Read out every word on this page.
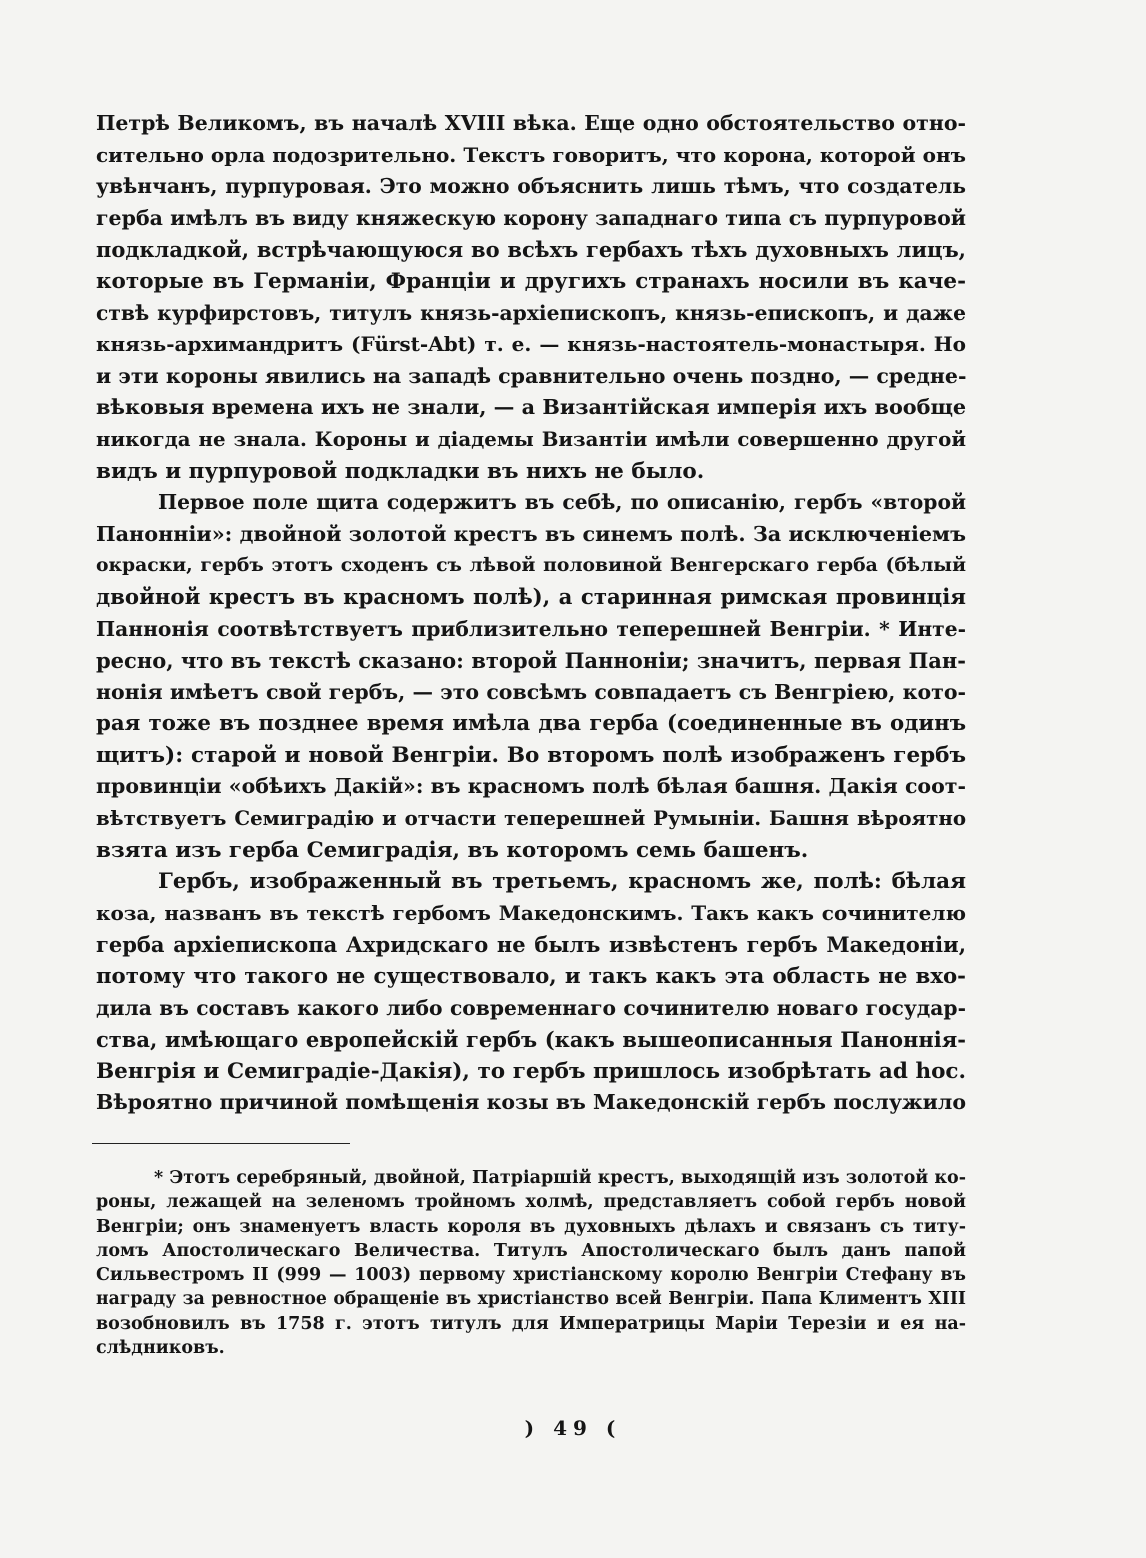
Петрѣ Великомъ, въ началѣ XVIII вѣка. Еще одно обстоятельство отно-
сительно орла подозрительно. Текстъ говоритъ, что корона, которой онъ
увѣнчанъ, пурпуровая. Это можно объяснить лишь тѣмъ, что создатель
герба имѣлъ въ виду княжескую корону западнаго типа съ пурпуровой
подкладкой, встрѣчающуюся во всѣхъ гербахъ тѣхъ духовныхъ лицъ,
которые въ Германіи, Франціи и другихъ странахъ носили въ каче-
ствѣ курфирстовъ, титулъ князь-архіепископъ, князь-епископъ, и даже
князь-архимандритъ (Fürst-Abt) т. е. — князь-настоятель-монастыря. Но
и эти короны явились на западѣ сравнительно очень поздно, — средне-
вѣковыя времена ихъ не знали, — а Византійская имперія ихъ вообще
никогда не знала. Короны и діадемы Византіи имѣли совершенно другой
видъ и пурпуровой подкладки въ нихъ не было.
Первое поле щита содержитъ въ себѣ, по описанію, гербъ «второй
Панонніи»: двойной золотой крестъ въ синемъ полѣ. За исключеніемъ
окраски, гербъ этотъ сходенъ съ лѣвой половиной Венгерскаго герба (бѣлый
двойной крестъ въ красномъ полѣ), а старинная римская провинція
Паннонія соотвѣтствуетъ приблизительно теперешней Венгріи. * Инте-
ресно, что въ текстѣ сказано: второй Панноніи; значитъ, первая Пан-
нонія имѣетъ свой гербъ, — это совсѣмъ совпадаетъ съ Венгріею, кото-
рая тоже въ позднее время имѣла два герба (соединенные въ одинъ
щитъ): старой и новой Венгріи. Во второмъ полѣ изображенъ гербъ
провинціи «обѣихъ Дакій»: въ красномъ полѣ бѣлая башня. Дакія соот-
вѣтствуетъ Семиградію и отчасти теперешней Румыніи. Башня вѣроятно
взята изъ герба Семиградія, въ которомъ семь башенъ.
Гербъ, изображенный въ третьемъ, красномъ же, полѣ: бѣлая
коза, названъ въ текстѣ гербомъ Македонскимъ. Такъ какъ сочинителю
герба архіепископа Ахридскаго не былъ извѣстенъ гербъ Македоніи,
потому что такого не существовало, и такъ какъ эта область не вхо-
дила въ составъ какого либо современнаго сочинителю новаго государ-
ства, имѣющаго европейскій гербъ (какъ вышеописанныя Паноннія-
Венгрія и Семиградіе-Дакія), то гербъ пришлось изобрѣтать ad hoc.
Вѣроятно причиной помѣщенія козы въ Македонскій гербъ послужило
* Этотъ серебряный, двойной, Патріаршій крестъ, выходящій изъ золотой ко-
роны, лежащей на зеленомъ тройномъ холмѣ, представляетъ собой гербъ новой
Венгріи; онъ знаменуетъ власть короля въ духовныхъ дѣлахъ и связанъ съ титу-
ломъ Апостолическаго Величества. Титулъ Апостолическаго былъ данъ папой
Сильвестромъ II (999 — 1003) первому христіанскому королю Венгріи Стефану въ
награду за ревностное обращеніе въ христіанство всей Венгріи. Папа Климентъ XIII
возобновилъ въ 1758 г. этотъ титулъ для Императрицы Маріи Терезіи и ея на-
слѣдниковъ.
) 49 (
